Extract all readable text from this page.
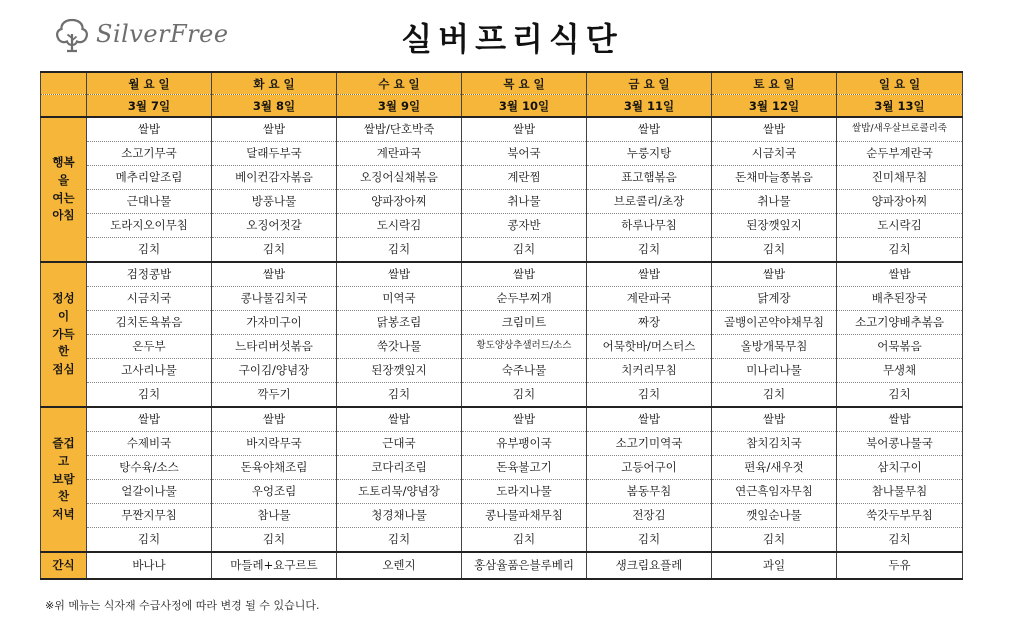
SilverFree	실버프리식단
	월 요 일	화 요 일	수 요 일	목 요 일	금 요 일	토 요 일	일 요 일
	3월 7일	3월 8일	3월 9일	3월 10일	3월 11일	3월 12일	3월 13일

행복
을
여는
아침	쌀밥	쌀밥	쌀밥/단호박죽	쌀밥	쌀밥	쌀밥	쌀밥/새우살브로콜리죽
	소고기무국	달래두부국	계란파국	북어국	누룽지탕	시금치국	순두부계란국
	메추리알조림	베이컨감자볶음	오징어실채볶음	계란찜	표고햄볶음	돈채마늘쫑볶음	진미채무침
	근대나물	방풍나물	양파장아찌	취나물	브로콜리/초장	취나물	양파장아찌
	도라지오이무침	오징어젓갈	도시락김	콩자반	하루나무침	된장깻잎지	도시락김
	김치	김치	김치	김치	김치	김치	김치

정성
이
가득
한
점심	검정콩밥	쌀밥	쌀밥	쌀밥	쌀밥	쌀밥	쌀밥
	시금치국	콩나물김치국	미역국	순두부찌개	계란파국	닭계장	배추된장국
	김치돈육볶음	가자미구이	닭봉조림	크림미트	짜장	골뱅이곤약야채무침	소고기양배추볶음
	온두부	느타리버섯볶음	쑥갓나물	황도양상추샐러드/소스	어묵핫바/머스터스	올방개묵무침	어묵볶음
	고사리나물	구이김/양념장	된장깻잎지	숙주나물	치커리무침	미나리나물	무생채
	김치	깍두기	김치	김치	김치	김치	김치

즐겁
고
보람
찬
저녁	쌀밥	쌀밥	쌀밥	쌀밥	쌀밥	쌀밥	쌀밥
	수제비국	바지락무국	근대국	유부팽이국	소고기미역국	참치김치국	북어콩나물국
	탕수육/소스	돈육야채조림	코다리조림	돈육불고기	고등어구이	편육/새우젓	삼치구이
	얼갈이나물	우엉조림	도토리묵/양념장	도라지나물	봄동무침	연근흑임자무침	참나물무침
	무짠지무침	참나물	청경채나물	콩나물파채무침	전장김	깻잎순나물	쑥갓두부무침
	김치	김치	김치	김치	김치	김치	김치
간식	바나나	마들레+요구르트	오렌지	홍삼율품은블루베리	생크림요플레	과일	두유
※위 메뉴는 식자재 수급사정에 따라 변경 될 수 있습니다.
